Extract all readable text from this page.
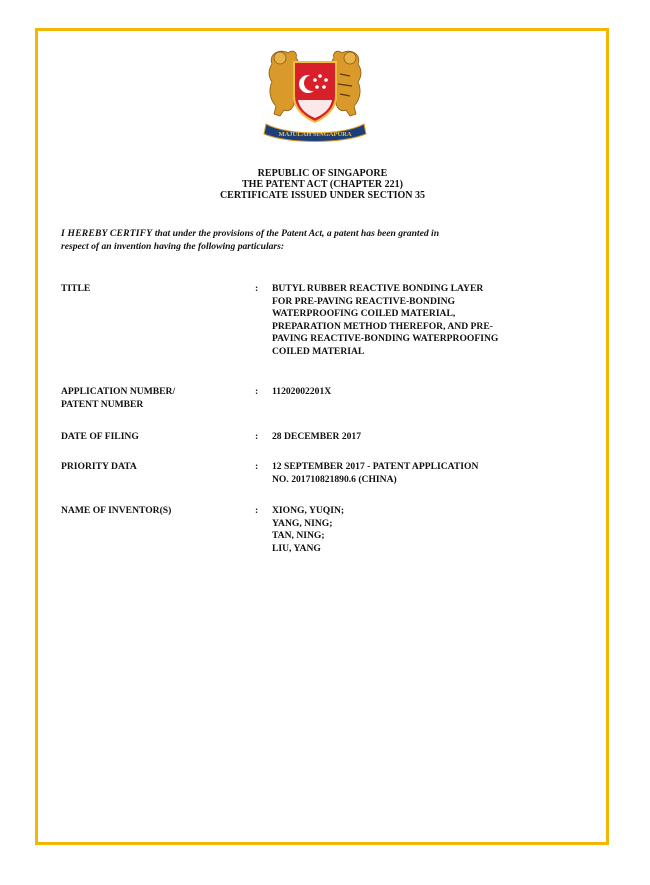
MAJULAH SINGAPURA
REPUBLIC OF SINGAPORE
THE PATENT ACT (CHAPTER 221)
CERTIFICATE ISSUED UNDER SECTION 35
I HEREBY CERTIFY that under the provisions of the Patent Act, a patent has been granted in
respect of an invention having the following particulars:
TITLE	: BUTYL RUBBER REACTIVE BONDING LAYER
FOR PRE-PAVING REACTIVE-BONDING
WATERPROOFING COILED MATERIAL,
PREPARATION METHOD THEREFOR, AND PRE-
PAVING REACTIVE-BONDING WATERPROOFING
COILED MATERIAL
APPLICATION NUMBER/
PATENT NUMBER
: 11202002201X
DATE OF FILING	: 28 DECEMBER 2017
PRIORITY DATA	: 12 SEPTEMBER 2017 - PATENT APPLICATION
NO. 201710821890.6 (CHINA)
NAME OF INVENTOR(S)	: XIONG, YUQIN;
YANG, NING;
TAN, NING;
LIU, YANG
